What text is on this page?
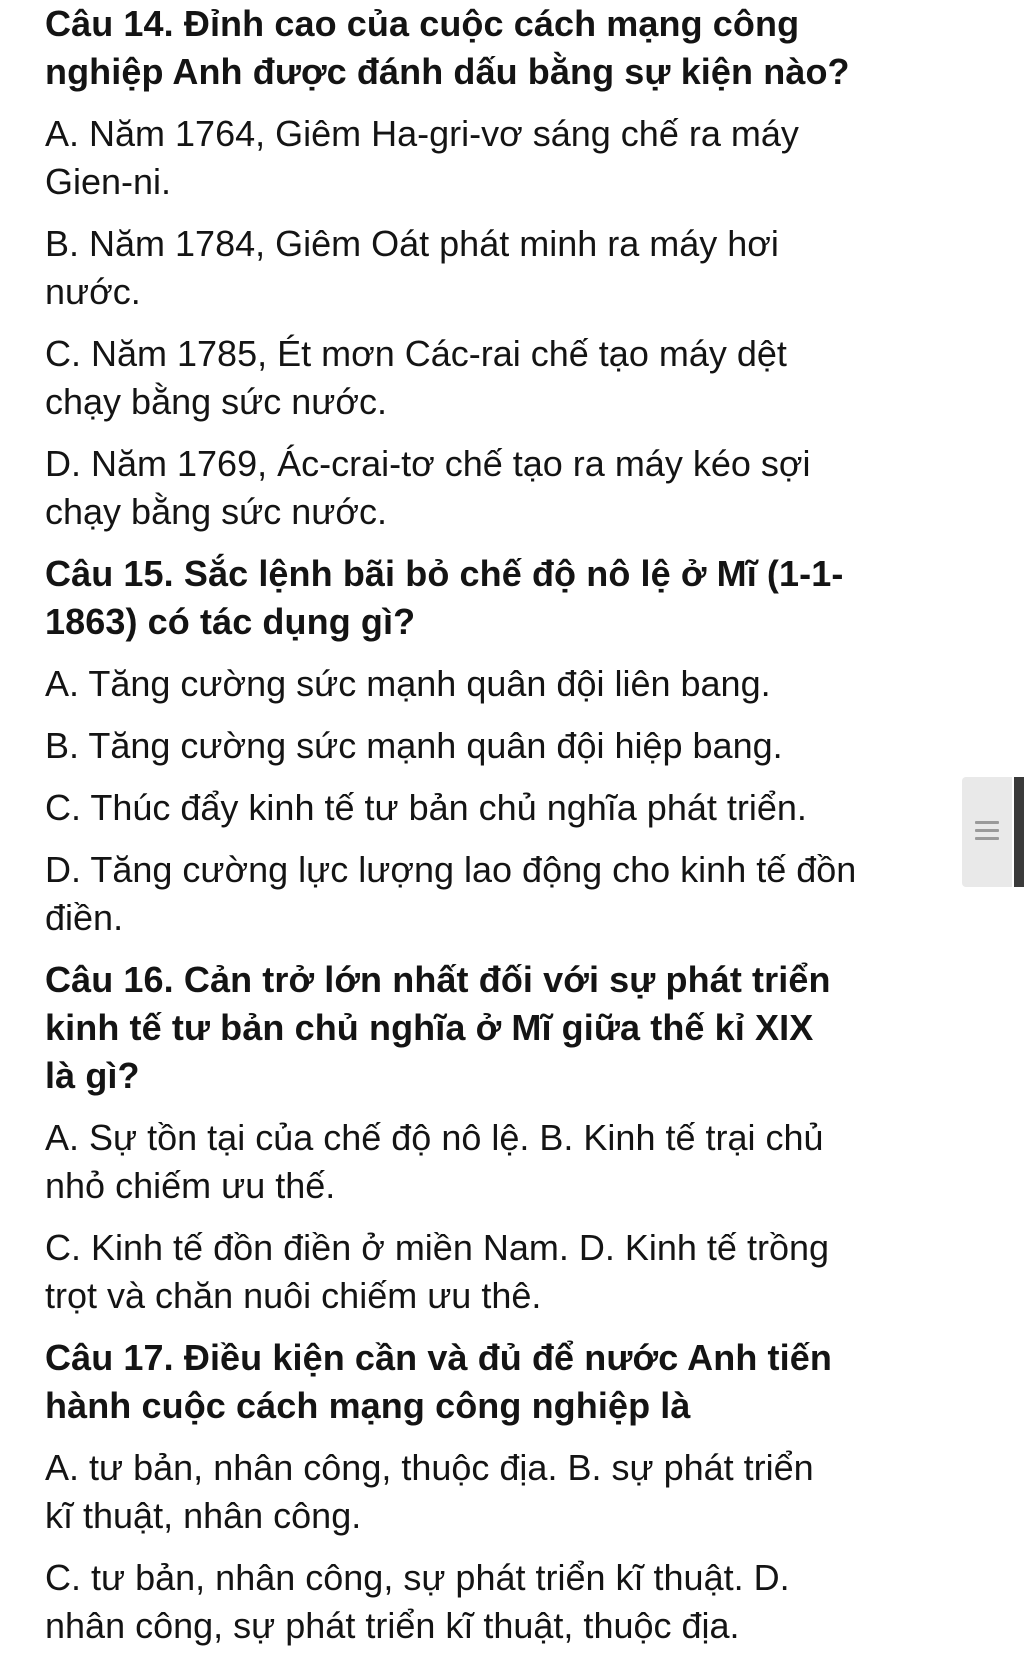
Câu 14. Đỉnh cao của cuộc cách mạng công
nghiệp Anh được đánh dấu bằng sự kiện nào?
A. Năm 1764, Giêm Ha-gri-vơ sáng chế ra máy
Gien-ni.
B. Năm 1784, Giêm Oát phát minh ra máy hơi
nước.
C. Năm 1785, Ét mơn Các-rai chế tạo máy dệt
chạy bằng sức nước.
D. Năm 1769, Ác-crai-tơ chế tạo ra máy kéo sợi
chạy bằng sức nước.
Câu 15. Sắc lệnh bãi bỏ chế độ nô lệ ở Mĩ (1-1-
1863) có tác dụng gì?
A. Tăng cường sức mạnh quân đội liên bang.
B. Tăng cường sức mạnh quân đội hiệp bang.
C. Thúc đẩy kinh tế tư bản chủ nghĩa phát triển.
D. Tăng cường lực lượng lao động cho kinh tế đồn
điền.
Câu 16. Cản trở lớn nhất đối với sự phát triển
kinh tế tư bản chủ nghĩa ở Mĩ giữa thế kỉ XIX
là gì?
A. Sự tồn tại của chế độ nô lệ. B. Kinh tế trại chủ
nhỏ chiếm ưu thế.
C. Kinh tế đồn điền ở miền Nam. D. Kinh tế trồng
trọt và chăn nuôi chiếm ưu thê.
Câu 17. Điều kiện cần và đủ để nước Anh tiến
hành cuộc cách mạng công nghiệp là
A. tư bản, nhân công, thuộc địa. B. sự phát triển
kĩ thuật, nhân công.
C. tư bản, nhân công, sự phát triển kĩ thuật. D.
nhân công, sự phát triển kĩ thuật, thuộc địa.
